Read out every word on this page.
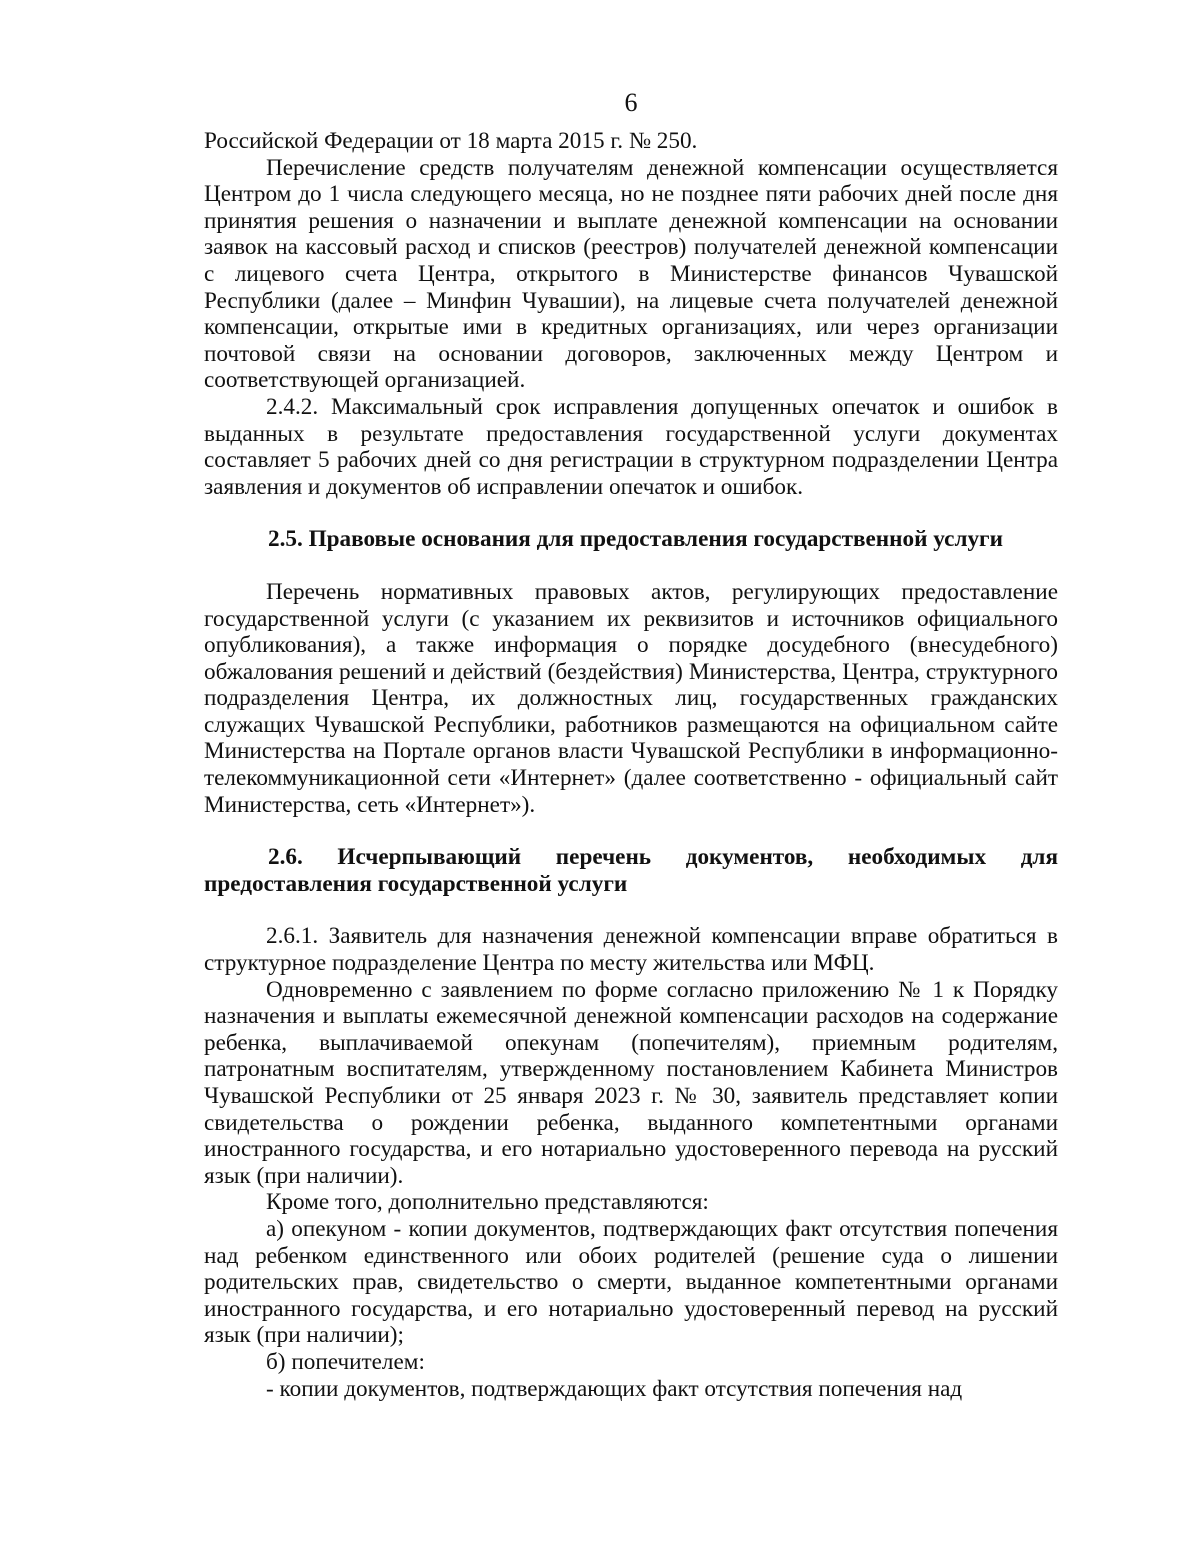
6

Российской Федерации от 18 марта 2015 г. № 250.

Перечисление средств получателям денежной компенсации осуществляется Центром до 1 числа следующего месяца, но не позднее пяти рабочих дней после дня принятия решения о назначении и выплате денежной компенсации на основании заявок на кассовый расход и списков (реестров) получателей денежной компенсации с лицевого счета Центра, открытого в Министерстве финансов Чувашской Республики (далее – Минфин Чувашии), на лицевые счета получателей денежной компенсации, открытые ими в кредитных организациях, или через организации почтовой связи на основании договоров, заключенных между Центром и соответствующей организацией.

2.4.2. Максимальный срок исправления допущенных опечаток и ошибок в выданных в результате предоставления государственной услуги документах составляет 5 рабочих дней со дня регистрации в структурном подразделении Центра заявления и документов об исправлении опечаток и ошибок.

2.5. Правовые основания для предоставления государственной услуги

Перечень нормативных правовых актов, регулирующих предоставление государственной услуги (с указанием их реквизитов и источников официального опубликования), а также информация о порядке досудебного (внесудебного) обжалования решений и действий (бездействия) Министерства, Центра, структурного подразделения Центра, их должностных лиц, государственных гражданских служащих Чувашской Республики, работников размещаются на официальном сайте Министерства на Портале органов власти Чувашской Республики в информационно-телекоммуникационной сети «Интернет» (далее соответственно - официальный сайт Министерства, сеть «Интернет»).

2.6. Исчерпывающий перечень документов, необходимых для предоставления государственной услуги

2.6.1. Заявитель для назначения денежной компенсации вправе обратиться в структурное подразделение Центра по месту жительства или МФЦ.

Одновременно с заявлением по форме согласно приложению № 1 к Порядку назначения и выплаты ежемесячной денежной компенсации расходов на содержание ребенка, выплачиваемой опекунам (попечителям), приемным родителям, патронатным воспитателям, утвержденному постановлением Кабинета Министров Чувашской Республики от 25 января 2023 г. № 30, заявитель представляет копии свидетельства о рождении ребенка, выданного компетентными органами иностранного государства, и его нотариально удостоверенного перевода на русский язык (при наличии).

Кроме того, дополнительно представляются:

а) опекуном - копии документов, подтверждающих факт отсутствия попечения над ребенком единственного или обоих родителей (решение суда о лишении родительских прав, свидетельство о смерти, выданное компетентными органами иностранного государства, и его нотариально удостоверенный перевод на русский язык (при наличии);

б) попечителем:

- копии документов, подтверждающих факт отсутствия попечения над
